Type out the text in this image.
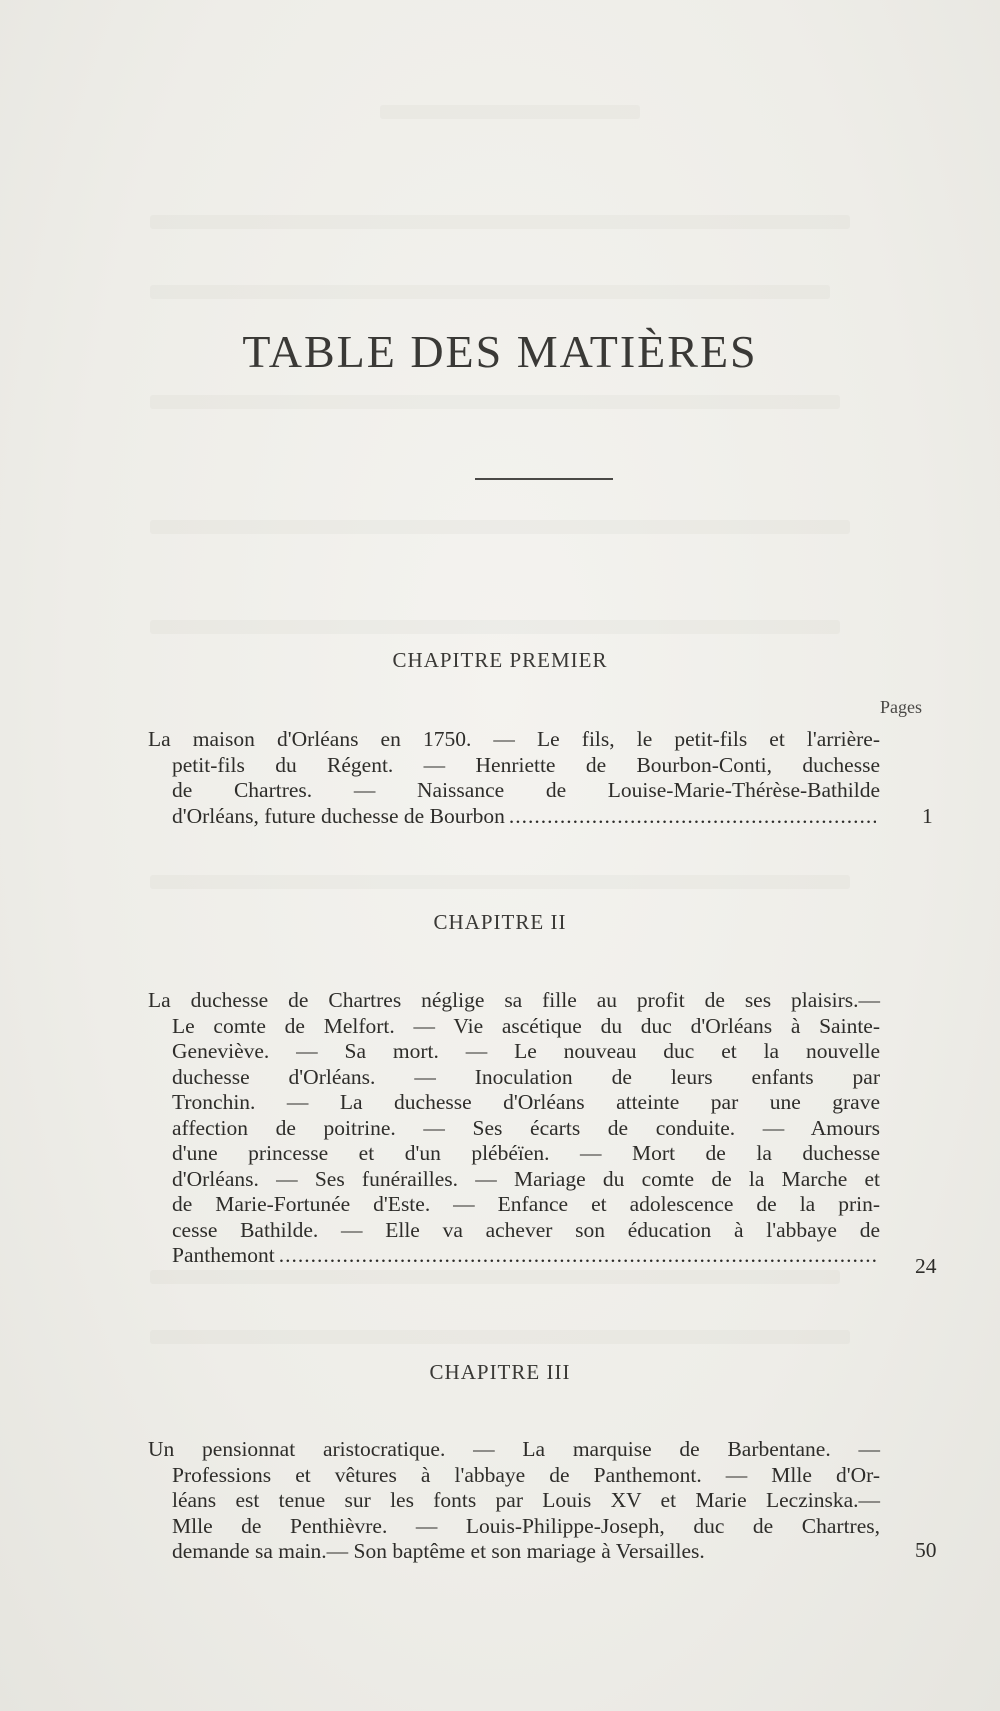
TABLE DES MATIÈRES
CHAPITRE PREMIER
Pages
La maison d'Orléans en 1750. — Le fils, le petit-fils et l'arrière-
petit-fils du Régent. — Henriette de Bourbon-Conti, duchesse
de Chartres. — Naissance de Louise-Marie-Thérèse-Bathilde
d'Orléans, future duchesse de Bourbon .....	1
CHAPITRE II
La duchesse de Chartres néglige sa fille au profit de ses plaisirs.—
Le comte de Melfort. — Vie ascétique du duc d'Orléans à Sainte-
Geneviève. — Sa mort. — Le nouveau duc et la nouvelle
duchesse d'Orléans. — Inoculation de leurs enfants par
Tronchin. — La duchesse d'Orléans atteinte par une grave
affection de poitrine. — Ses écarts de conduite. — Amours
d'une princesse et d'un plébéïen. — Mort de la duchesse
d'Orléans. — Ses funérailles. — Mariage du comte de la Marche et
de Marie-Fortunée d'Este. — Enfance et adolescence de la prin-
cesse Bathilde. — Elle va achever son éducation à l'abbaye de
Panthemont .....	24
CHAPITRE III
Un pensionnat aristocratique. — La marquise de Barbentane. —
Professions et vêtures à l'abbaye de Panthemont. — Mlle d'Or-
léans est tenue sur les fonts par Louis XV et Marie Leczinska.—
Mlle de Penthièvre. — Louis-Philippe-Joseph, duc de Chartres,
demande sa main.— Son baptême et son mariage à Versailles.	50
